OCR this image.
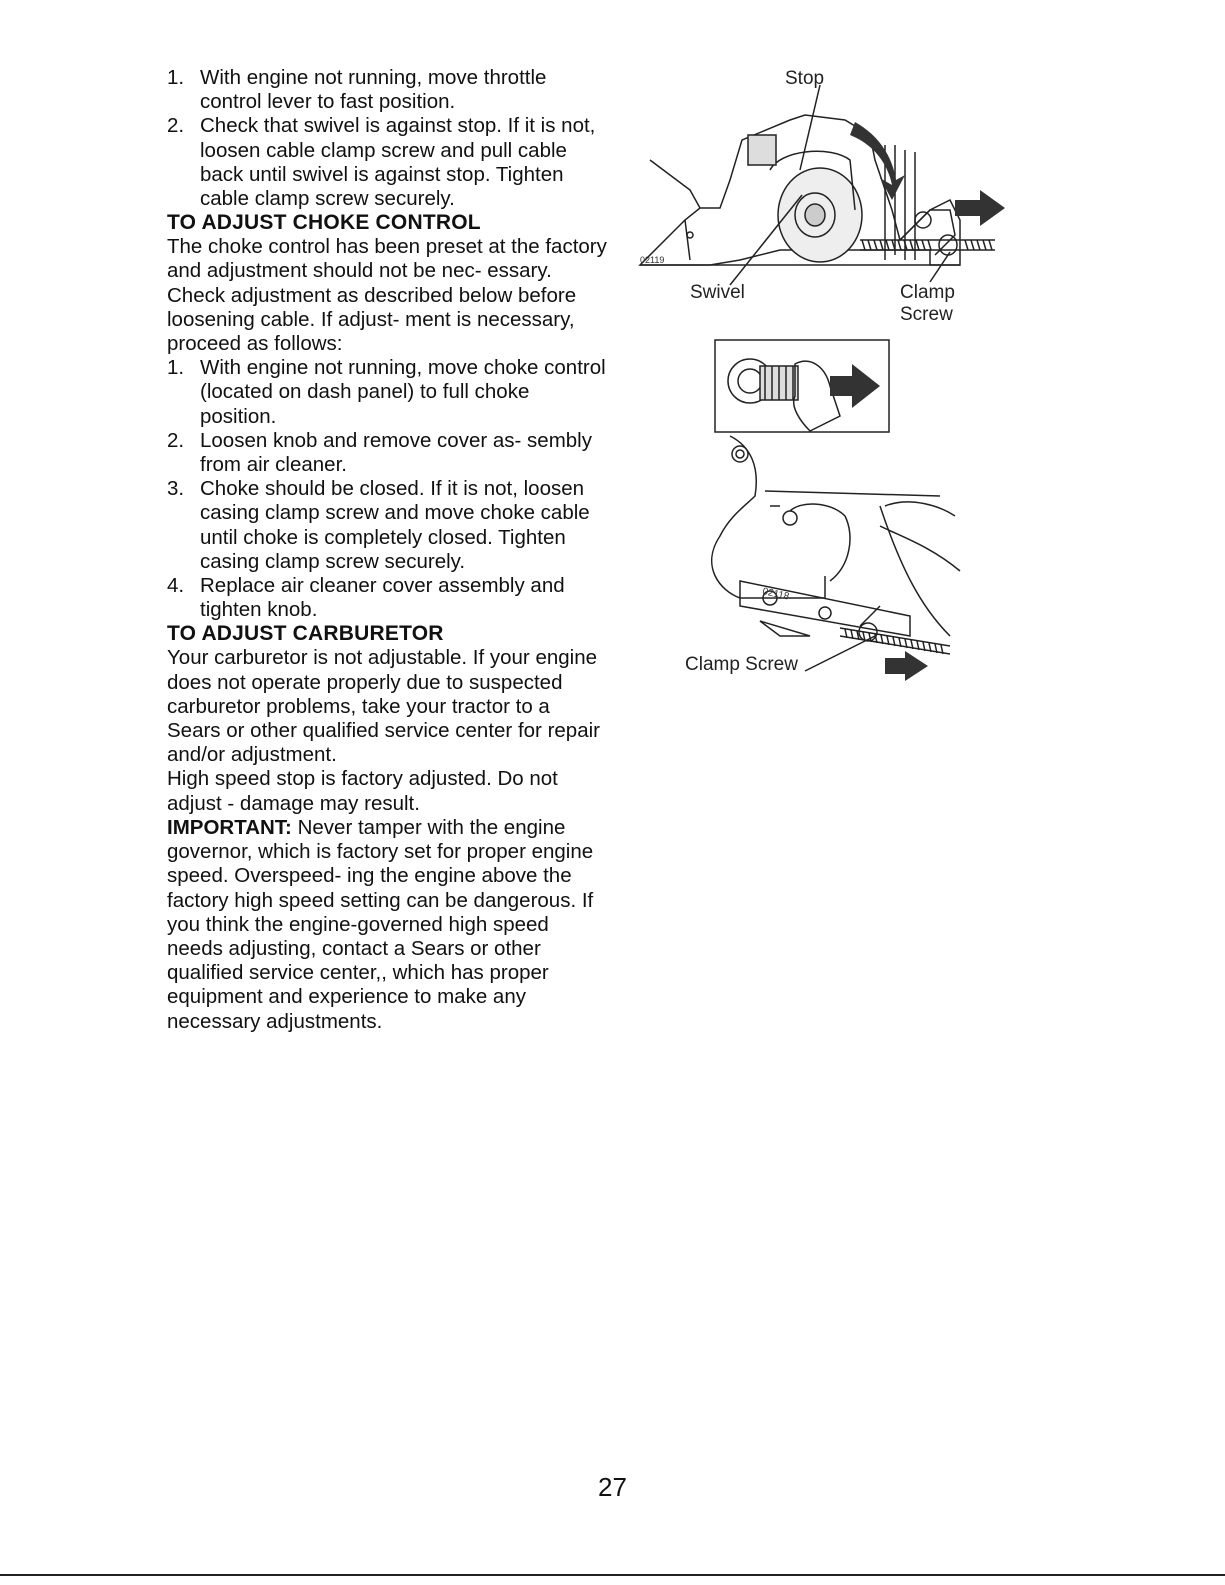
1. With engine not running, move throttle control lever to fast position.

2. Check that swivel is against stop. If it is not, loosen cable clamp screw and pull cable back until swivel is against stop. Tighten cable clamp screw securely.

TO ADJUST CHOKE CONTROL

The choke control has been preset at the factory and adjustment should not be nec- essary. Check adjustment as described below before loosening cable. If adjust- ment is necessary, proceed as follows:

1. With engine not running, move choke control (located on dash panel) to full choke position.

2. Loosen knob and remove cover as- sembly from air cleaner.

3. Choke should be closed. If it is not, loosen casing clamp screw and move choke cable until choke is completely closed. Tighten casing clamp screw securely.

4. Replace air cleaner cover assembly and tighten knob.

TO ADJUST CARBURETOR

Your carburetor is not adjustable. If your engine does not operate properly due to suspected carburetor problems, take your tractor to a Sears or other qualified service center for repair and/or adjustment.

High speed stop is factory adjusted. Do not adjust - damage may result.

IMPORTANT: Never tamper with the engine governor, which is factory set for proper engine speed. Overspeed- ing the engine above the factory high speed setting can be dangerous. If you think the engine-governed high speed needs adjusting, contact a Sears or other qualified service center,, which has proper equipment and experience to make any necessary adjustments.

02119
Stop
Swivel	Clamp
Screw
02118
Clamp Screw
27
